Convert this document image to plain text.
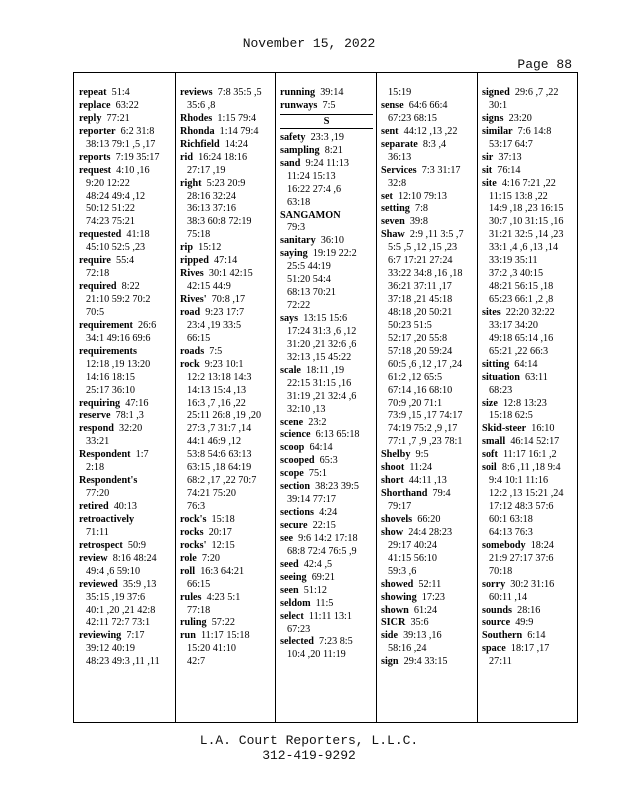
November 15, 2022
Page 88
repeat 51:4
replace 63:22
reply 77:21
reporter 6:2 31:8
38:13 79:1 ,5 ,17
reports 7:19 35:17
request 4:10 ,16
9:20 12:22
48:24 49:4 ,12
50:12 51:22
74:23 75:21
requested 41:18
45:10 52:5 ,23
require 55:4
72:18
required 8:22
21:10 59:2 70:2
70:5
requirement 26:6
34:1 49:16 69:6
requirements
12:18 ,19 13:20
14:16 18:15
25:17 36:10
requiring 47:16
reserve 78:1 ,3
respond 32:20
33:21
Respondent 1:7
2:18
Respondent's
77:20
retired 40:13
retroactively
71:11
retrospect 50:9
review 8:16 48:24
49:4 ,6 59:10
reviewed 35:9 ,13
35:15 ,19 37:6
40:1 ,20 ,21 42:8
42:11 72:7 73:1
reviewing 7:17
39:12 40:19
48:23 49:3 ,11 ,11
reviews 7:8 35:5 ,5
35:6 ,8
Rhodes 1:15 79:4
Rhonda 1:14 79:4
Richfield 14:24
rid 16:24 18:16
27:17 ,19
right 5:23 20:9
28:16 32:24
36:13 37:16
38:3 60:8 72:19
75:18
rip 15:12
ripped 47:14
Rives 30:1 42:15
42:15 44:9
Rives' 70:8 ,17
road 9:23 17:7
23:4 ,19 33:5
66:15
roads 7:5
rock 9:23 10:1
12:2 13:18 14:3
14:13 15:4 ,13
16:3 ,7 ,16 ,22
25:11 26:8 ,19 ,20
27:3 ,7 31:7 ,14
44:1 46:9 ,12
53:8 54:6 63:13
63:15 ,18 64:19
68:2 ,17 ,22 70:7
74:21 75:20
76:3
rock's 15:18
rocks 20:17
rocks' 12:15
role 7:20
roll 16:3 64:21
66:15
rules 4:23 5:1
77:18
ruling 57:22
run 11:17 15:18
15:20 41:10
42:7
running 39:14
runways 7:5
S
safety 23:3 ,19
sampling 8:21
sand 9:24 11:13
11:24 15:13
16:22 27:4 ,6
63:18
SANGAMON
79:3
sanitary 36:10
saying 19:19 22:2
25:5 44:19
51:20 54:4
68:13 70:21
72:22
says 13:15 15:6
17:24 31:3 ,6 ,12
31:20 ,21 32:6 ,6
32:13 ,15 45:22
scale 18:11 ,19
22:15 31:15 ,16
31:19 ,21 32:4 ,6
32:10 ,13
scene 23:2
science 6:13 65:18
scoop 64:14
scooped 65:3
scope 75:1
section 38:23 39:5
39:14 77:17
sections 4:24
secure 22:15
see 9:6 14:2 17:18
68:8 72:4 76:5 ,9
seed 42:4 ,5
seeing 69:21
seen 51:12
seldom 11:5
select 11:11 13:1
67:23
selected 7:23 8:5
10:4 ,20 11:19
15:19
sense 64:6 66:4
67:23 68:15
sent 44:12 ,13 ,22
separate 8:3 ,4
36:13
Services 7:3 31:17
32:8
set 12:10 79:13
setting 7:8
seven 39:8
Shaw 2:9 ,11 3:5 ,7
5:5 ,5 ,12 ,15 ,23
6:7 17:21 27:24
33:22 34:8 ,16 ,18
36:21 37:11 ,17
37:18 ,21 45:18
48:18 ,20 50:21
50:23 51:5
52:17 ,20 55:8
57:18 ,20 59:24
60:5 ,6 ,12 ,17 ,24
61:2 ,12 65:5
67:14 ,16 68:10
70:9 ,20 71:1
73:9 ,15 ,17 74:17
74:19 75:2 ,9 ,17
77:1 ,7 ,9 ,23 78:1
Shelby 9:5
shoot 11:24
short 44:11 ,13
Shorthand 79:4
79:17
shovels 66:20
show 24:4 28:23
29:17 40:24
41:15 56:10
59:3 ,6
showed 52:11
showing 17:23
shown 61:24
SICR 35:6
side 39:13 ,16
58:16 ,24
sign 29:4 33:15
signed 29:6 ,7 ,22
30:1
signs 23:20
similar 7:6 14:8
53:17 64:7
sir 37:13
sit 76:14
site 4:16 7:21 ,22
11:15 13:8 ,22
14:9 ,18 ,23 16:15
30:7 ,10 31:15 ,16
31:21 32:5 ,14 ,23
33:1 ,4 ,6 ,13 ,14
33:19 35:11
37:2 ,3 40:15
48:21 56:15 ,18
65:23 66:1 ,2 ,8
sites 22:20 32:22
33:17 34:20
49:18 65:14 ,16
65:21 ,22 66:3
sitting 64:14
situation 63:11
68:23
size 12:8 13:23
15:18 62:5
Skid-steer 16:10
small 46:14 52:17
soft 11:17 16:1 ,2
soil 8:6 ,11 ,18 9:4
9:4 10:1 11:16
12:2 ,13 15:21 ,24
17:12 48:3 57:6
60:1 63:18
64:13 76:3
somebody 18:24
21:9 27:17 37:6
70:18
sorry 30:2 31:16
60:11 ,14
sounds 28:16
source 49:9
Southern 6:14
space 18:17 ,17
27:11
L.A. Court Reporters, L.L.C.
312-419-9292
